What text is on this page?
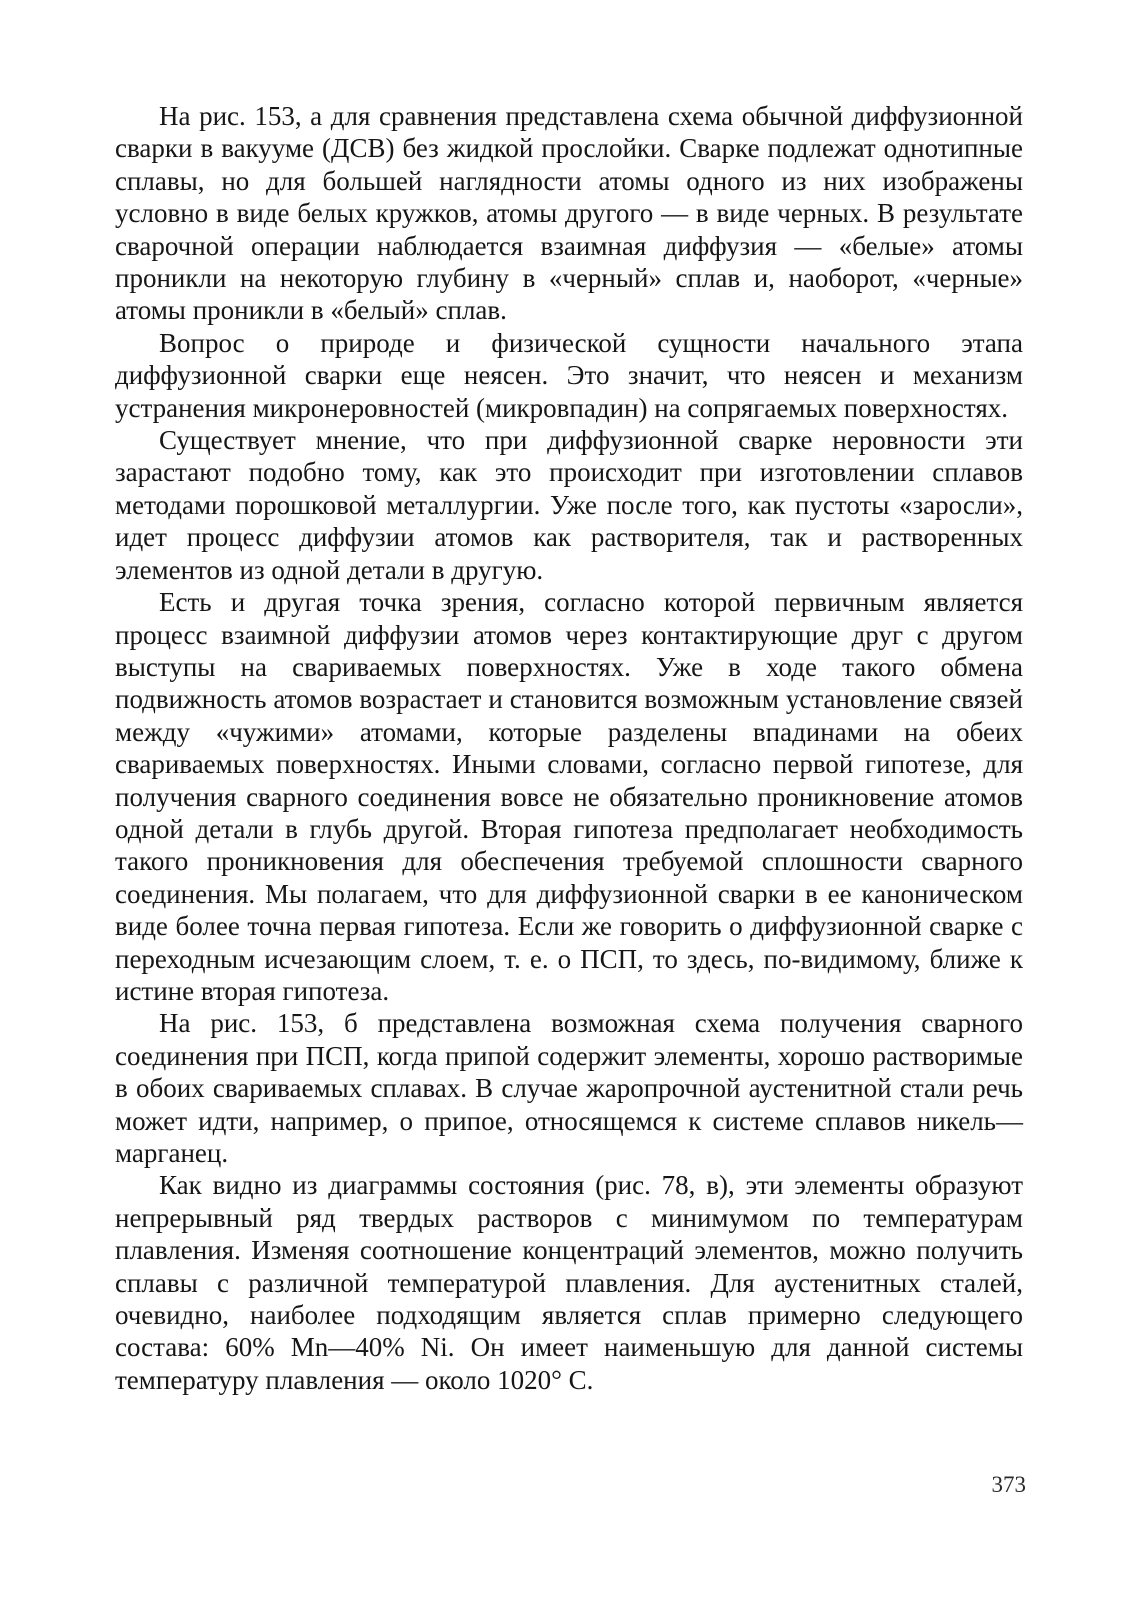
На рис. 153, а для сравнения представлена схема обычной диффузионной сварки в вакууме (ДСВ) без жидкой прослойки. Сварке подлежат однотипные сплавы, но для большей наглядности атомы одного из них изображены условно в виде белых кружков, атомы другого — в виде черных. В результате сварочной операции наблюдается взаимная диффузия — «белые» атомы проникли на некоторую глубину в «черный» сплав и, наоборот, «черные» атомы проникли в «белый» сплав.

Вопрос о природе и физической сущности начального этапа диффузионной сварки еще неясен. Это значит, что неясен и механизм устранения микронеровностей (микровпадин) на сопрягаемых поверхностях.

Существует мнение, что при диффузионной сварке неровности эти зарастают подобно тому, как это происходит при изготовлении сплавов методами порошковой металлургии. Уже после того, как пустоты «заросли», идет процесс диффузии атомов как растворителя, так и растворенных элементов из одной детали в другую.

Есть и другая точка зрения, согласно которой первичным является процесс взаимной диффузии атомов через контактирующие друг с другом выступы на свариваемых поверхностях. Уже в ходе такого обмена подвижность атомов возрастает и становится возможным установление связей между «чужими» атомами, которые разделены впадинами на обеих свариваемых поверхностях. Иными словами, согласно первой гипотезе, для получения сварного соединения вовсе не обязательно проникновение атомов одной детали в глубь другой. Вторая гипотеза предполагает необходимость такого проникновения для обеспечения требуемой сплошности сварного соединения. Мы полагаем, что для диффузионной сварки в ее каноническом виде более точна первая гипотеза. Если же говорить о диффузионной сварке с переходным исчезающим слоем, т. е. о ПСП, то здесь, по-видимому, ближе к истине вторая гипотеза.

На рис. 153, б представлена возможная схема получения сварного соединения при ПСП, когда припой содержит элементы, хорошо растворимые в обоих свариваемых сплавах. В случае жаропрочной аустенитной стали речь может идти, например, о припое, относящемся к системе сплавов никель—марганец.

Как видно из диаграммы состояния (рис. 78, в), эти элементы образуют непрерывный ряд твердых растворов с минимумом по температурам плавления. Изменяя соотношение концентраций элементов, можно получить сплавы с различной температурой плавления. Для аустенитных сталей, очевидно, наиболее подходящим является сплав примерно следующего состава: 60% Mn—40% Ni. Он имеет наименьшую для данной системы температуру плавления — около 1020° С.

373
